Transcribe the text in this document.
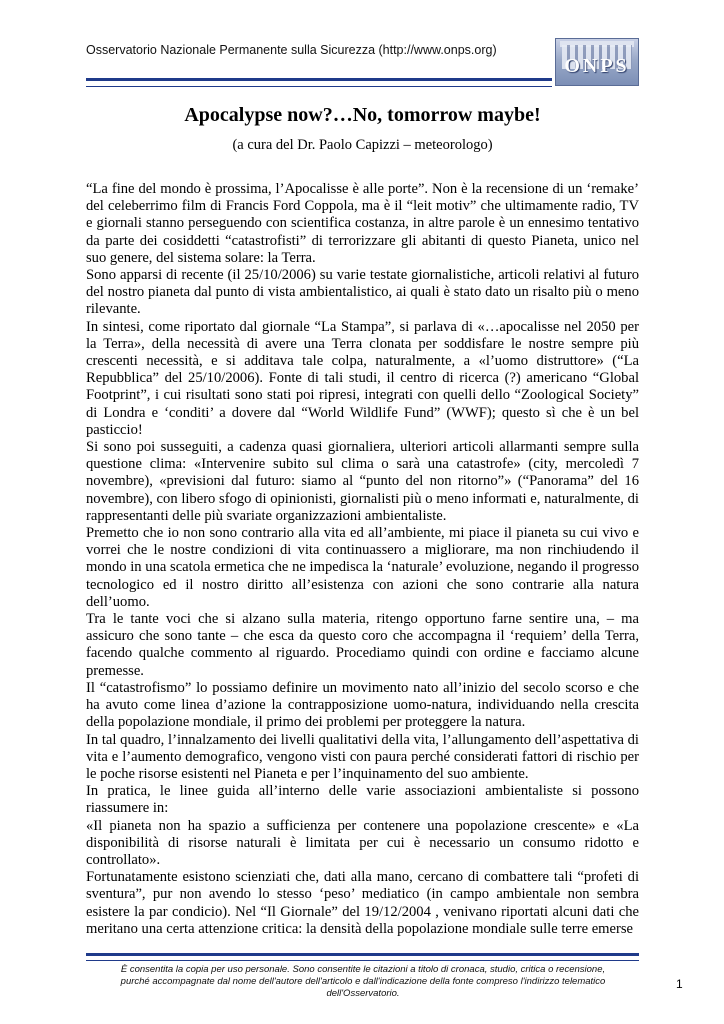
Osservatorio Nazionale Permanente sulla Sicurezza (http://www.onps.org)
ONPS
Apocalypse now?…No, tomorrow maybe!
(a cura del Dr. Paolo Capizzi – meteorologo)

“La fine del mondo è prossima, l’Apocalisse è alle porte”. Non è la recensione di un ‘remake’ del celeberrimo film di Francis Ford Coppola, ma è il “leit motiv” che ultimamente radio, TV e giornali stanno perseguendo con scientifica costanza, in altre parole è un ennesimo tentativo da parte dei cosiddetti “catastrofisti” di terrorizzare gli abitanti di questo Pianeta, unico nel suo genere, del sistema solare: la Terra.

Sono apparsi di recente (il 25/10/2006) su varie testate giornalistiche, articoli relativi al futuro del nostro pianeta dal punto di vista ambientalistico, ai quali è stato dato un risalto più o meno rilevante.

In sintesi, come riportato dal giornale “La Stampa”, si parlava di «…apocalisse nel 2050 per la Terra», della necessità di avere una Terra clonata per soddisfare le nostre sempre più crescenti necessità, e si additava tale colpa, naturalmente, a «l’uomo distruttore» (“La Repubblica” del 25/10/2006). Fonte di tali studi, il centro di ricerca (?) americano “Global Footprint”, i cui risultati sono stati poi ripresi, integrati con quelli dello “Zoological Society” di Londra e ‘conditi’ a dovere dal “World Wildlife Fund” (WWF); questo sì che è un bel pasticcio!

Si sono poi susseguiti, a cadenza quasi giornaliera, ulteriori articoli allarmanti sempre sulla questione clima: «Intervenire subito sul clima o sarà una catastrofe» (city, mercoledì 7 novembre), «previsioni dal futuro: siamo al “punto del non ritorno”» (“Panorama” del 16 novembre), con libero sfogo di opinionisti, giornalisti più o meno informati e, naturalmente, di rappresentanti delle più svariate organizzazioni ambientaliste.

Premetto che io non sono contrario alla vita ed all’ambiente, mi piace il pianeta su cui vivo e vorrei che le nostre condizioni di vita continuassero a migliorare, ma non rinchiudendo il mondo in una scatola ermetica che ne impedisca la ‘naturale’ evoluzione, negando il progresso tecnologico ed il nostro diritto all’esistenza con azioni che sono contrarie alla natura dell’uomo.

Tra le tante voci che si alzano sulla materia, ritengo opportuno farne sentire una, – ma assicuro che sono tante – che esca da questo coro che accompagna il ‘requiem’ della Terra, facendo qualche commento al riguardo. Procediamo quindi con ordine e facciamo alcune premesse.

Il “catastrofismo” lo possiamo definire un movimento nato all’inizio del secolo scorso e che ha avuto come linea d’azione la contrapposizione uomo-natura, individuando nella crescita della popolazione mondiale, il primo dei problemi per proteggere la natura.

In tal quadro, l’innalzamento dei livelli qualitativi della vita, l’allungamento dell’aspettativa di vita e l’aumento demografico, vengono visti con paura perché considerati fattori di rischio per le poche risorse esistenti nel Pianeta e per l’inquinamento del suo ambiente.

In pratica, le linee guida all’interno delle varie associazioni ambientaliste si possono riassumere in:

«Il pianeta non ha spazio a sufficienza per contenere una popolazione crescente» e «La disponibilità di risorse naturali è limitata per cui è necessario un consumo ridotto e controllato».

Fortunatamente esistono scienziati che, dati alla mano, cercano di combattere tali “profeti di sventura”, pur non avendo lo stesso ‘peso’ mediatico (in campo ambientale non sembra esistere la par condicio). Nel “Il Giornale” del 19/12/2004 , venivano riportati alcuni dati che meritano una certa attenzione critica: la densità della popolazione mondiale sulle terre emerse

È consentita la copia per uso personale. Sono consentite le citazioni a titolo di cronaca, studio, critica o recensione, purché accompagnate dal nome dell'autore dell'articolo e dall'indicazione della fonte compreso l'indirizzo telematico dell'Osservatorio.
1
